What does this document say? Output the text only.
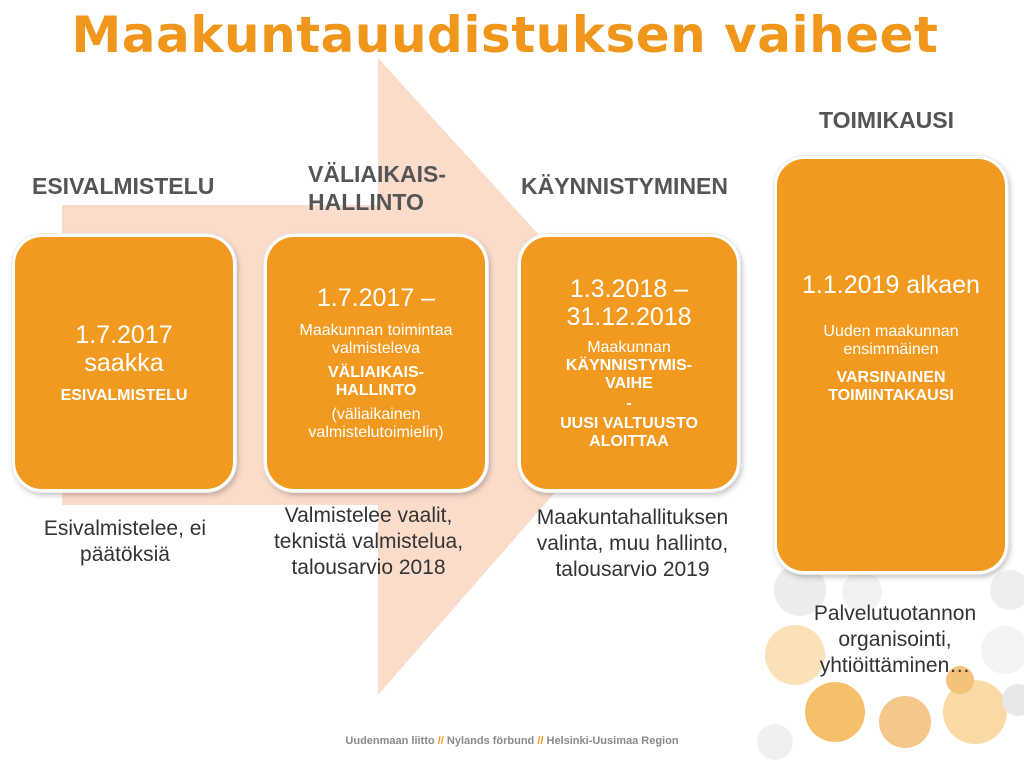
Maakuntauudistuksen vaiheet
ESIVALMISTELU	VÄLIAIKAIS-
HALLINTO
KÄYNNISTYMINEN
TOIMIKAUSI
1.7.2017 saakka
ESIVALMISTELU
1.7.2017 –
Maakunnan toimintaa valmisteleva
VÄLIAIKAIS-HALLINTO
(väliaikainen valmistelutoimielin)
1.3.2018 – 31.12.2018
Maakunnan
KÄYNNISTYMIS-VAIHE
-
UUSI VALTUUSTO ALOITTAA
1.1.2019 alkaen
Uuden maakunnan ensimmäinen
VARSINAINEN TOIMINTAKAUSI
Esivalmistelee, ei päätöksiä
Valmistelee vaalit, teknistä valmistelua, talousarvio 2018
Maakuntahallituksen valinta, muu hallinto, talousarvio 2019
Palvelutuotannon organisointi, yhtiöittäminen…
Uudenmaan liitto // Nylands förbund // Helsinki-Uusimaa Region
